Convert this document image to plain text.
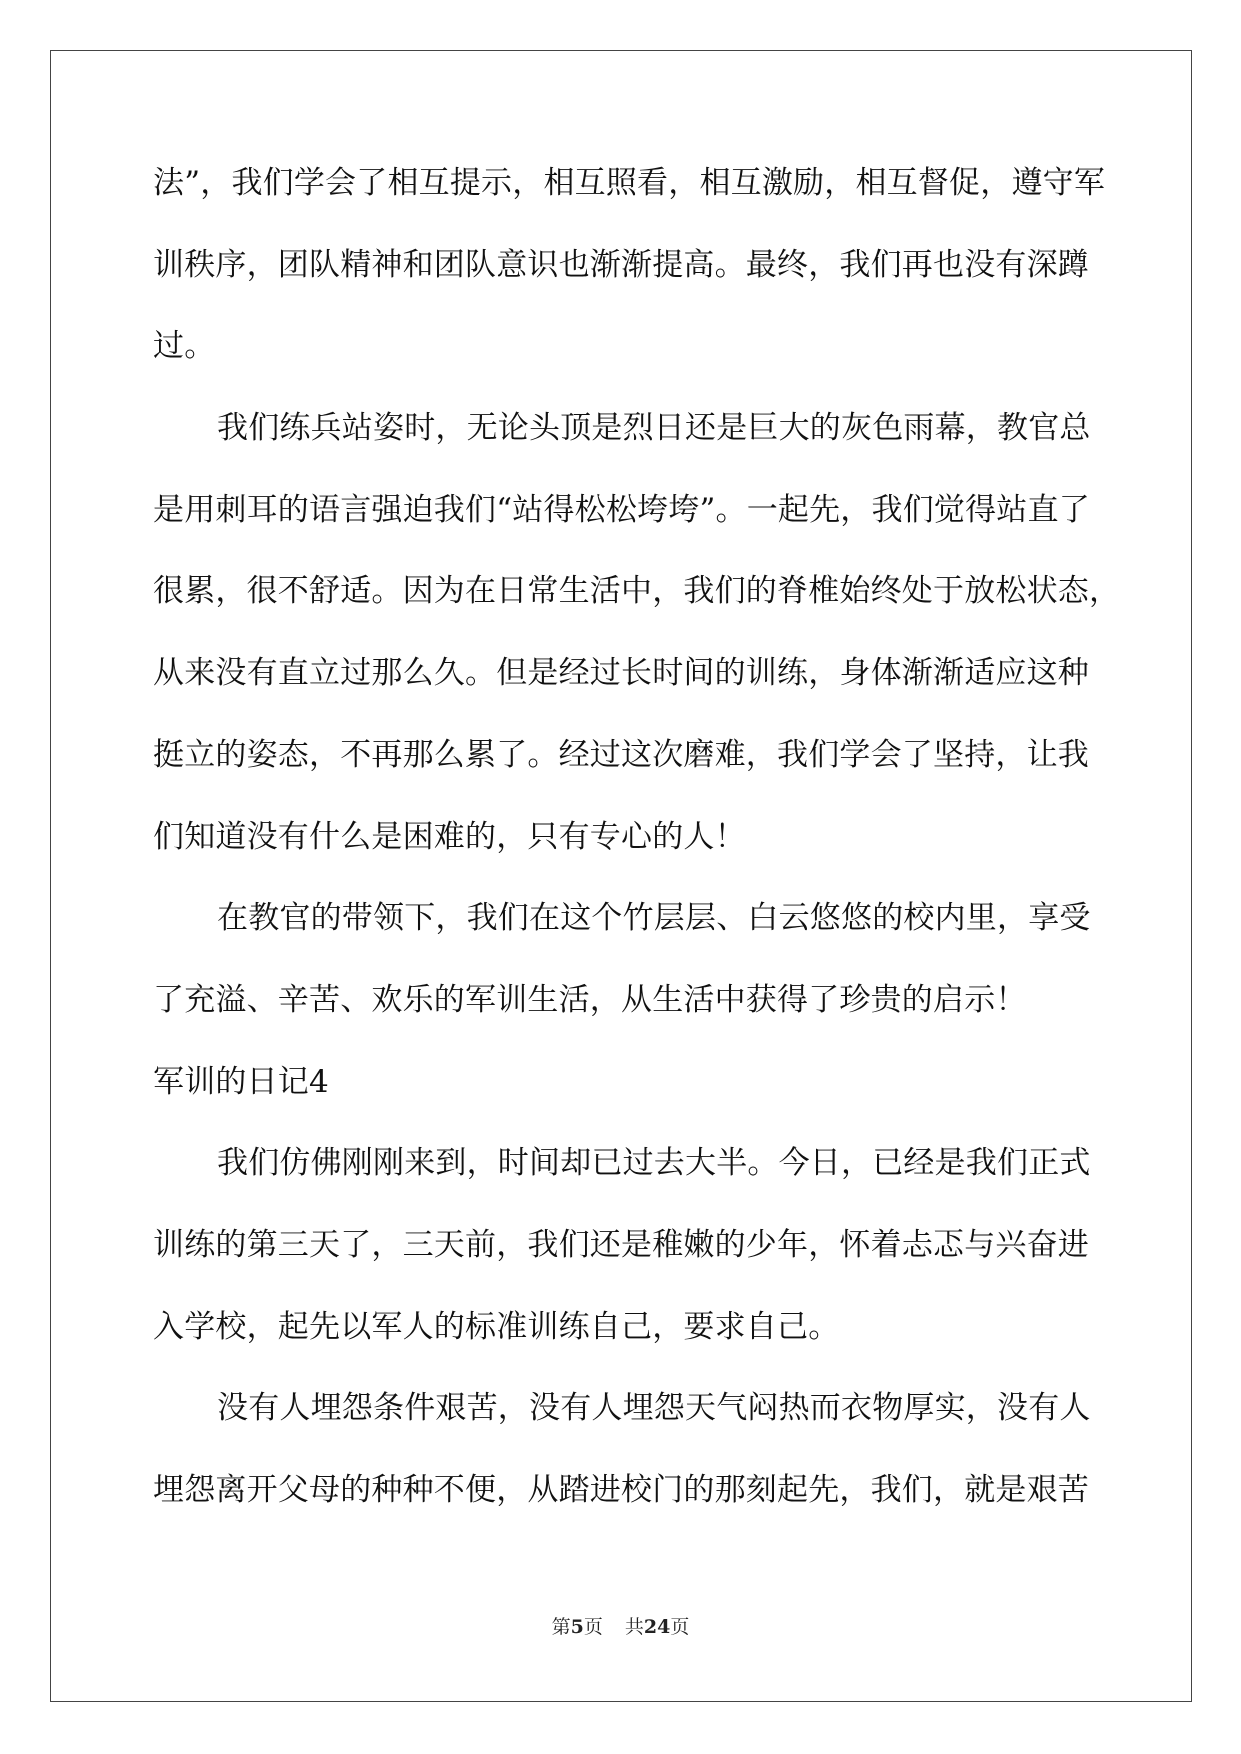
法”，我们学会了相互提示，相互照看，相互激励，相互督促，遵守军
训秩序，团队精神和团队意识也渐渐提高。最终，我们再也没有深蹲
过。
我们练兵站姿时，无论头顶是烈日还是巨大的灰色雨幕，教官总
是用刺耳的语言强迫我们“站得松松垮垮”。一起先，我们觉得站直了
很累，很不舒适。因为在日常生活中，我们的脊椎始终处于放松状态，
从来没有直立过那么久。但是经过长时间的训练，身体渐渐适应这种
挺立的姿态，不再那么累了。经过这次磨难，我们学会了坚持，让我
们知道没有什么是困难的，只有专心的人！
在教官的带领下，我们在这个竹层层、白云悠悠的校内里，享受
了充溢、辛苦、欢乐的军训生活，从生活中获得了珍贵的启示！
军训的日记4
我们仿佛刚刚来到，时间却已过去大半。今日，已经是我们正式
训练的第三天了，三天前，我们还是稚嫩的少年，怀着忐忑与兴奋进
入学校，起先以军人的标准训练自己，要求自己。
没有人埋怨条件艰苦，没有人埋怨天气闷热而衣物厚实，没有人
埋怨离开父母的种种不便，从踏进校门的那刻起先，我们，就是艰苦
第5页 共24页
